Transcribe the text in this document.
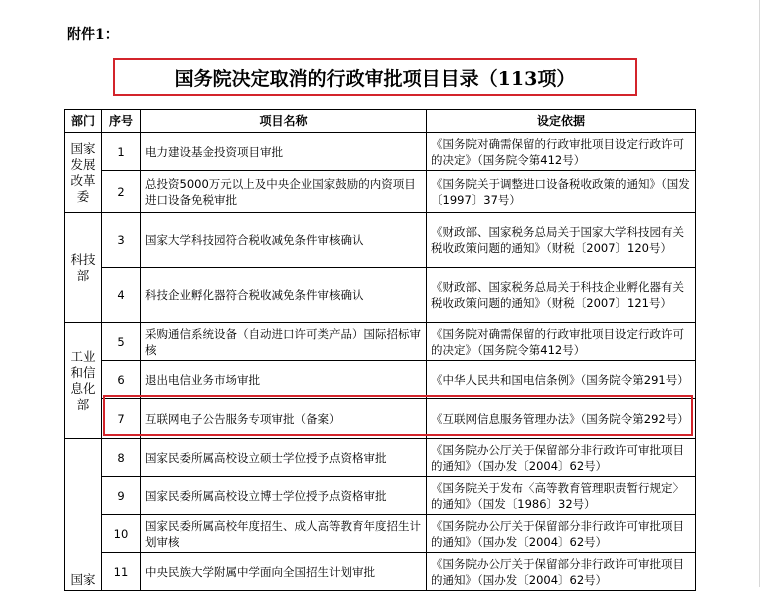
附件1：
国务院决定取消的行政审批项目目录（113项）
部门	序号	项目名称	设定依据
国家发展改革委	1	电力建设基金投资项目审批	《国务院对确需保留的行政审批项目设定行政许可的决定》（国务院令第412号）
	2	总投资5000万元以上及中央企业国家鼓励的内资项目进口设备免税审批	《国务院关于调整进口设备税收政策的通知》（国发〔1997〕37号）
科技部	3	国家大学科技园符合税收减免条件审核确认	《财政部、国家税务总局关于国家大学科技园有关税收政策问题的通知》（财税〔2007〕120号）
	4	科技企业孵化器符合税收减免条件审核确认	《财政部、国家税务总局关于科技企业孵化器有关税收政策问题的通知》（财税〔2007〕121号）
工业和信息化部	5	采购通信系统设备（自动进口许可类产品）国际招标审核	《国务院对确需保留的行政审批项目设定行政许可的决定》（国务院令第412号）
	6	退出电信业务市场审批	《中华人民共和国电信条例》（国务院令第291号）
	7	互联网电子公告服务专项审批（备案）	《互联网信息服务管理办法》（国务院令第292号）
国家	8	国家民委所属高校设立硕士学位授予点资格审批	《国务院办公厅关于保留部分非行政许可审批项目的通知》（国办发〔2004〕62号）
	9	国家民委所属高校设立博士学位授予点资格审批	《国务院关于发布〈高等教育管理职责暂行规定〉的通知》（国发〔1986〕32号）
	10	国家民委所属高校年度招生、成人高等教育年度招生计划审核	《国务院办公厅关于保留部分非行政许可审批项目的通知》（国办发〔2004〕62号）
	11	中央民族大学附属中学面向全国招生计划审批	《国务院办公厅关于保留部分非行政许可审批项目的通知》（国办发〔2004〕62号）
